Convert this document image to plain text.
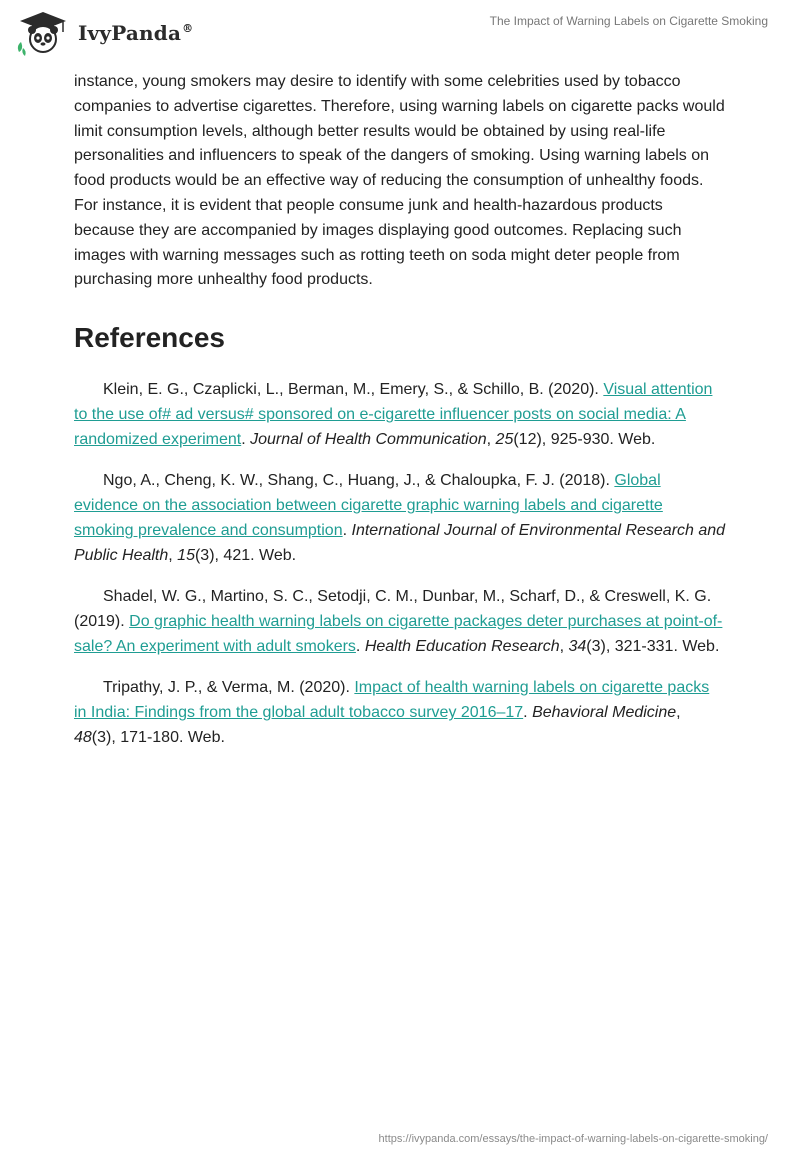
IvyPanda®
The Impact of Warning Labels on Cigarette Smoking

instance, young smokers may desire to identify with some celebrities used by tobacco companies to advertise cigarettes. Therefore, using warning labels on cigarette packs would limit consumption levels, although better results would be obtained by using real-life personalities and influencers to speak of the dangers of smoking. Using warning labels on food products would be an effective way of reducing the consumption of unhealthy foods. For instance, it is evident that people consume junk and health-hazardous products because they are accompanied by images displaying good outcomes. Replacing such images with warning messages such as rotting teeth on soda might deter people from purchasing more unhealthy food products.

References

Klein, E. G., Czaplicki, L., Berman, M., Emery, S., & Schillo, B. (2020). Visual attention to the use of# ad versus# sponsored on e-cigarette influencer posts on social media: A randomized experiment. Journal of Health Communication, 25(12), 925-930. Web.

Ngo, A., Cheng, K. W., Shang, C., Huang, J., & Chaloupka, F. J. (2018). Global evidence on the association between cigarette graphic warning labels and cigarette smoking prevalence and consumption. International Journal of Environmental Research and Public Health, 15(3), 421. Web.

Shadel, W. G., Martino, S. C., Setodji, C. M., Dunbar, M., Scharf, D., & Creswell, K. G. (2019). Do graphic health warning labels on cigarette packages deter purchases at point-of-sale? An experiment with adult smokers. Health Education Research, 34(3), 321-331. Web.

Tripathy, J. P., & Verma, M. (2020). Impact of health warning labels on cigarette packs in India: Findings from the global adult tobacco survey 2016–17. Behavioral Medicine, 48(3), 171-180. Web.

https://ivypanda.com/essays/the-impact-of-warning-labels-on-cigarette-smoking/
